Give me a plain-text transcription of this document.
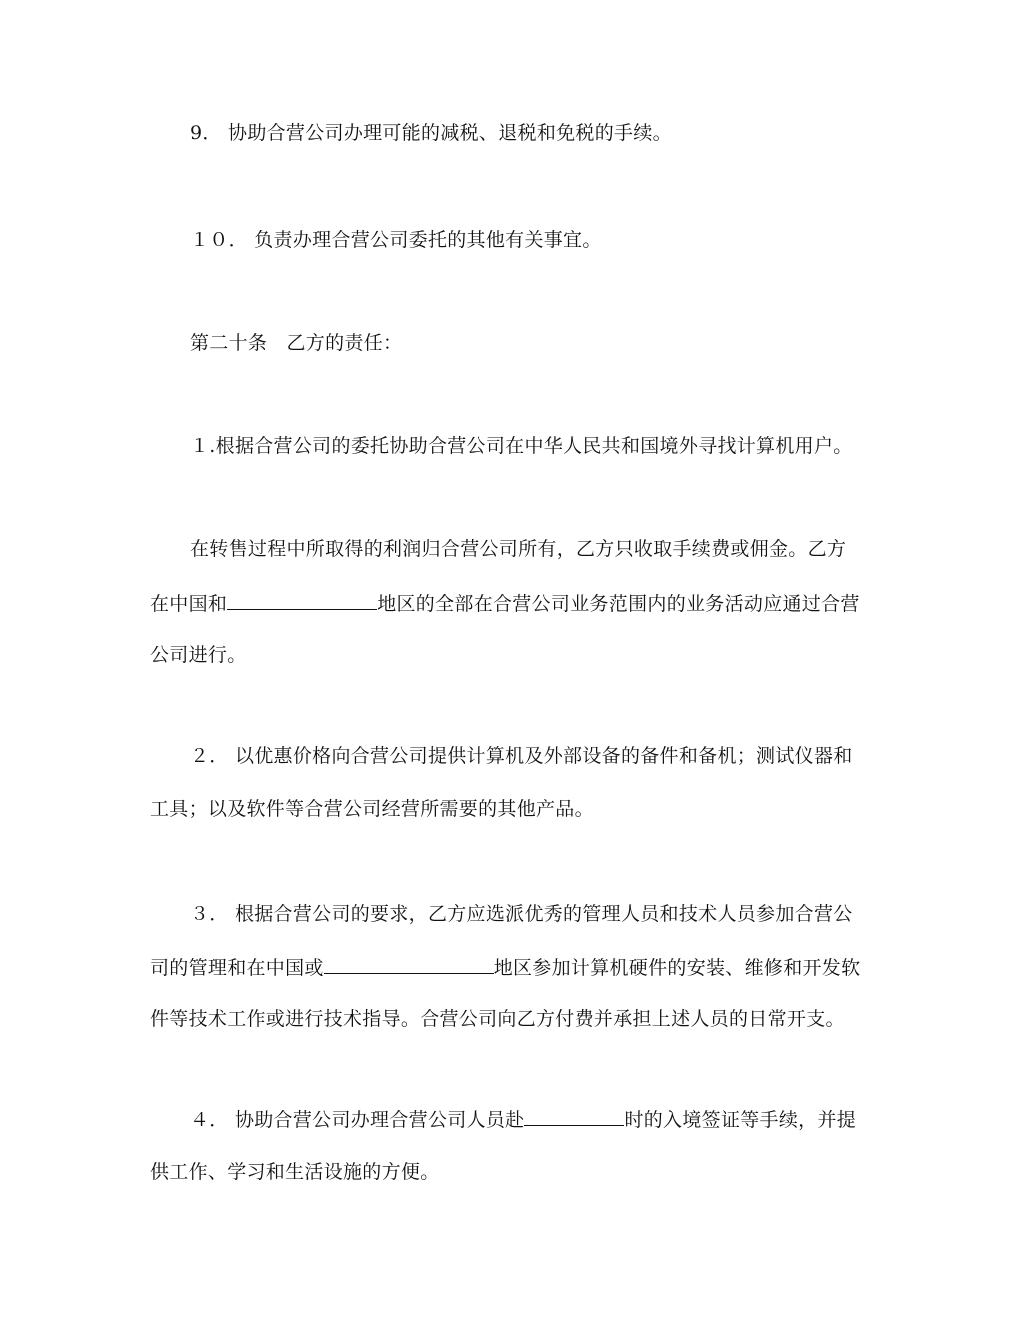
9． 协助合营公司办理可能的减税、退税和免税的手续。
１０． 负责办理合营公司委托的其他有关事宜。
第二十条　乙方的责任：
１.根据合营公司的委托协助合营公司在中华人民共和国境外寻找计算机用户。
在转售过程中所取得的利润归合营公司所有，乙方只收取手续费或佣金。乙方
在中国和	地区的全部在合营公司业务范围内的业务活动应通过合营
公司进行。
２． 以优惠价格向合营公司提供计算机及外部设备的备件和备机；测试仪器和
工具；以及软件等合营公司经营所需要的其他产品。
３． 根据合营公司的要求，乙方应选派优秀的管理人员和技术人员参加合营公
司的管理和在中国或	地区参加计算机硬件的安装、维修和开发软
件等技术工作或进行技术指导。合营公司向乙方付费并承担上述人员的日常开支。
４． 协助合营公司办理合营公司人员赴	时的入境签证等手续，并提
供工作、学习和生活设施的方便。
